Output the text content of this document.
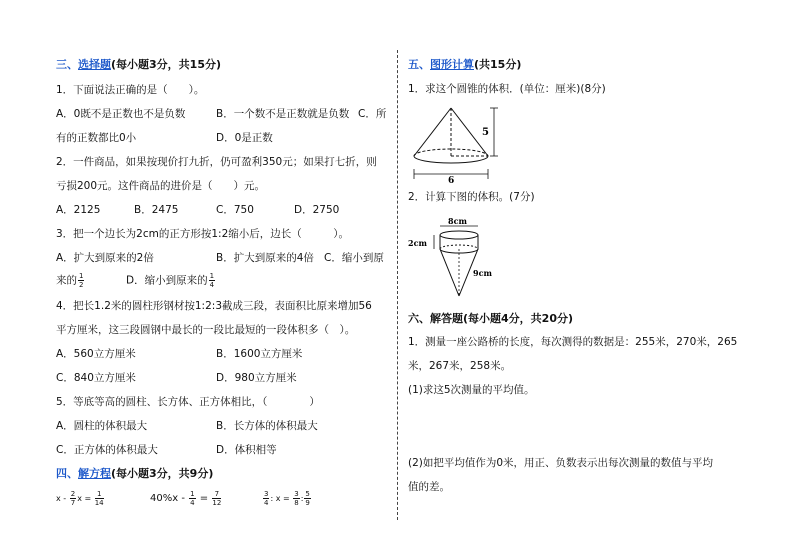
三、选择题(每小题3分，共15分)
1．下面说法正确的是（　　）。
A．0既不是正数也不是负数	B．一个数不是正数就是负数 C．所
有的正数都比0小	D．0是正数
2．一件商品，如果按现价打九折，仍可盈利350元；如果打七折，则
亏损200元。这件商品的进价是（　　）元。
A．2125	B．2475	C．750	D．2750
3．把一个边长为2cm的正方形按1:2缩小后，边长（　　　）。
A．扩大到原来的2倍	B．扩大到原来的4倍 C．缩小到原
来的 $\frac{1}{2}$	D．缩小到原来的 $\frac{1}{4}$
4．把长1.2米的圆柱形钢材按1:2:3截成三段，表面积比原来增加56
平方厘米，这三段圆钢中最长的一段比最短的一段体积多（　）。
A．560立方厘米	B．1600立方厘米
C．840立方厘米	D．980立方厘米
5．等底等高的圆柱、长方体、正方体相比，（　　　　）
A．圆柱的体积最大	B．长方体的体积最大
C．正方体的体积最大	D．体积相等
四、解方程(每小题3分，共9分)
x - $\frac{2}{7}$ $x = \frac{1}{14}$	$40\%x - \frac{1}{4} = \frac{7}{12}$	$\frac{3}{4}$ : $x = \frac{3}{8}$ : $\frac{5}{9}$
五、图形计算(共15分)
1．求这个圆锥的体积．(单位：厘米)(8分)
5
6
2．计算下图的体积。(7分)
8cm
2cm
9cm
六、解答题(每小题4分，共20分)
1．测量一座公路桥的长度，每次测得的数据是：255米，270米，265
米，267米，258米。
(1)求这5次测量的平均值。
(2)如把平均值作为0米，用正、负数表示出每次测量的数值与平均
值的差。
